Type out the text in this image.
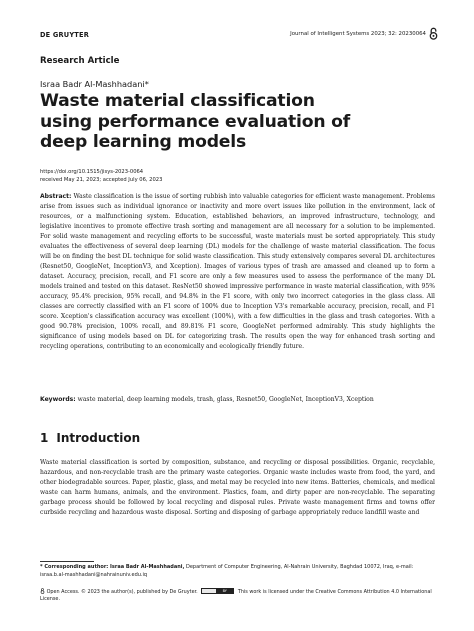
DE GRUYTER	Journal of Intelligent Systems 2023; 32: 20230064
Research Article
Israa Badr Al-Mashhadani*
Waste material classification using performance evaluation of deep learning models
https://doi.org/10.1515/jisys-2023-0064
received May 21, 2023; accepted July 06, 2023
Abstract: Waste classification is the issue of sorting rubbish into valuable categories for efficient waste management. Problems arise from issues such as individual ignorance or inactivity and more overt issues like pollution in the environment, lack of resources, or a malfunctioning system. Education, established behaviors, an improved infrastructure, technology, and legislative incentives to promote effective trash sorting and management are all necessary for a solution to be implemented. For solid waste management and recycling efforts to be successful, waste materials must be sorted appropriately. This study evaluates the effectiveness of several deep learning (DL) models for the challenge of waste material classification. The focus will be on finding the best DL technique for solid waste classification. This study extensively compares several DL architectures (Resnet50, GoogleNet, InceptionV3, and Xception). Images of various types of trash are amassed and cleaned up to form a dataset. Accuracy, precision, recall, and F1 score are only a few measures used to assess the performance of the many DL models trained and tested on this dataset. ResNet50 showed impressive performance in waste material classification, with 95% accuracy, 95.4% precision, 95% recall, and 94.8% in the F1 score, with only two incorrect categories in the glass class. All classes are correctly classified with an F1 score of 100% due to Inception V3's remarkable accuracy, precision, recall, and F1 score. Xception's classification accuracy was excellent (100%), with a few difficulties in the glass and trash categories. With a good 90.78% precision, 100% recall, and 89.81% F1 score, GoogleNet performed admirably. This study highlights the significance of using models based on DL for categorizing trash. The results open the way for enhanced trash sorting and recycling operations, contributing to an economically and ecologically friendly future.
Keywords: waste material, deep learning models, trash, glass, Resnet50, GoogleNet, InceptionV3, Xception
1 Introduction

Waste material classification is sorted by composition, substance, and recycling or disposal possibilities. Organic, recyclable, hazardous, and non-recyclable trash are the primary waste categories. Organic waste includes waste from food, the yard, and other biodegradable sources. Paper, plastic, glass, and metal may be recycled into new items. Batteries, chemicals, and medical waste can harm humans, animals, and the environment. Plastics, foam, and dirty paper are non-recyclable. The separating garbage process should be followed by local recycling and disposal rules. Private waste management firms and towns offer curbside recycling and hazardous waste disposal. Sorting and disposing of garbage appropriately reduce landfill waste and

* Corresponding author: Israa Badr Al-Mashhadani, Department of Computer Engineering, Al-Nahrain University, Baghdad 10072, Iraq, e-mail: israa.b.al-mashhadani@nahrainuniv.edu.iq
Open Access. © 2023 the author(s), published by De Gruyter.	BY	This work is licensed under the Creative Commons Attribution 4.0 International License.
